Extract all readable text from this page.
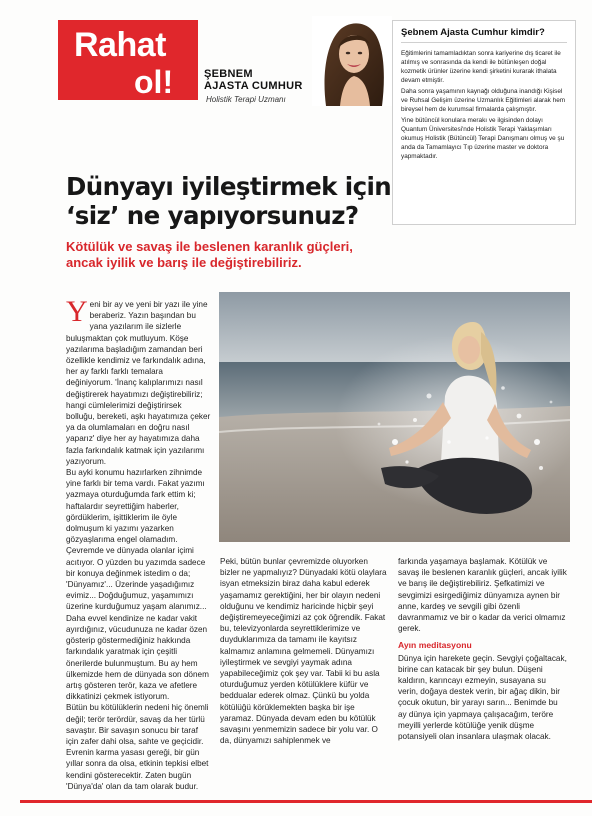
Rahat
ol!	ŞEBNEM
AJASTA CUMHUR
Holistik Terapi Uzmanı
Şebnem Ajasta Cumhur kimdir?

Eğitimlerini tamamladıktan sonra kariyerine dış ticaret ile atılmış ve sonrasında da kendi ile bütünleşen doğal kozmetik ürünler üzerine kendi şirketini kurarak ithalata devam etmiştir.

Daha sonra yaşamının kaynağı olduğuna inandığı Kişisel ve Ruhsal Gelişim üzerine Uzmanlık Eğitimleri alarak hem bireysel hem de kurumsal firmalarda çalışmıştır.

Yine bütüncül konulara merakı ve ilgisinden dolayı Quantum Üniversitesi'nde Holistik Terapi Yaklaşımları okumuş Holistik (Bütüncül) Terapi Danışmanı olmuş ve şu anda da Tamamlayıcı Tıp üzerine master ve doktora yapmaktadır.

Dünyayı iyileştirmek için
‘siz’ ne yapıyorsunuz?
Kötülük ve savaş ile beslenen karanlık güçleri, ancak iyilik ve barış ile değiştirebiliriz.

Yeni bir ay ve yeni bir yazı ile yine beraberiz. Yazın başından bu yana yazılarım ile sizlerle buluşmaktan çok mutluyum. Köşe yazılarıma başladığım zamandan beri özellikle kendimiz ve farkındalık adına, her ay farklı farklı temalara değiniyorum. 'İnanç kalıplarımızı nasıl değiştirerek hayatımızı değiştirebiliriz; hangi cümlelerimizi değiştirirsek bolluğu, bereketi, aşkı hayatımıza çeker ya da olumlamaları en doğru nasıl yaparız' diye her ay hayatımıza daha fazla farkındalık katmak için yazılarımı yazıyorum.

Bu ayki konumu hazırlarken zihnimde yine farklı bir tema vardı. Fakat yazımı yazmaya oturduğumda fark ettim ki; haftalardır seyrettiğim haberler, gördüklerim, işittiklerim ile öyle dolmuşum ki yazımı yazarken gözyaşlarıma engel olamadım. Çevremde ve dünyada olanlar içimi acıtıyor. O yüzden bu yazımda sadece bir konuya değinmek istedim o da; 'Dünyamız'... Üzerinde yaşadığımız evimiz... Doğduğumuz, yaşamımızı üzerine kurduğumuz yaşam alanımız...

Daha evvel kendinize ne kadar vakit ayırdığınız, vücudunuza ne kadar özen gösterip göstermediğiniz hakkında farkındalık yaratmak için çeşitli önerilerde bulunmuştum. Bu ay hem ülkemizde hem de dünyada son dönem artış gösteren terör, kaza ve afetlere dikkatinizi çekmek istiyorum.

Bütün bu kötülüklerin nedeni hiç önemli değil; terör terördür, savaş da her türlü savaştır. Bir savaşın sonucu bir taraf için zafer dahi olsa, sahte ve geçicidir. Evrenin karma yasası gereği, bir gün yıllar sonra da olsa, etkinin tepkisi elbet kendini gösterecektir. Zaten bugün 'Dünya'da' olan da tam olarak budur.

Peki, bütün bunlar çevremizde oluyorken bizler ne yapmalıyız? Dünyadaki kötü olaylara isyan etmeksizin biraz daha kabul ederek yaşamamız gerektiğini, her bir olayın nedeni olduğunu ve kendimiz haricinde hiçbir şeyi değiştiremeyeceğimizi az çok öğrendik. Fakat bu, televizyonlarda seyrettiklerimize ve duyduklarımıza da tamamı ile kayıtsız kalmamız anlamına gelmemeli. Dünyamızı iyileştirmek ve sevgiyi yaymak adına yapabileceğimiz çok şey var. Tabii ki bu asla oturduğumuz yerden kötülüklere küfür ve beddualar ederek olmaz. Çünkü bu yolda kötülüğü körüklemekten başka bir işe yaramaz. Dünyada devam eden bu kötülük savaşını yenmemizin sadece bir yolu var. O da, dünyamızı sahiplenmek ve

farkında yaşamaya başlamak. Kötülük ve savaş ile beslenen karanlık güçleri, ancak iyilik ve barış ile değiştirebiliriz. Şefkatimizi ve sevgimizi esirgediğimiz dünyamıza aynen bir anne, kardeş ve sevgili gibi özenli davranmamız ve bir o kadar da verici olmamız gerek.

Ayın meditasyonu

Dünya için harekete geçin. Sevgiyi çoğaltacak, birine can katacak bir şey bulun. Düşeni kaldırın, karıncayı ezmeyin, susayana su verin, doğaya destek verin, bir ağaç dikin, bir çocuk okutun, bir yarayı sarın... Benimde bu ay dünya için yapmaya çalışacağım, teröre meyilli yerlerde kötülüğe yenik düşme potansiyeli olan insanlara ulaşmak olacak.
